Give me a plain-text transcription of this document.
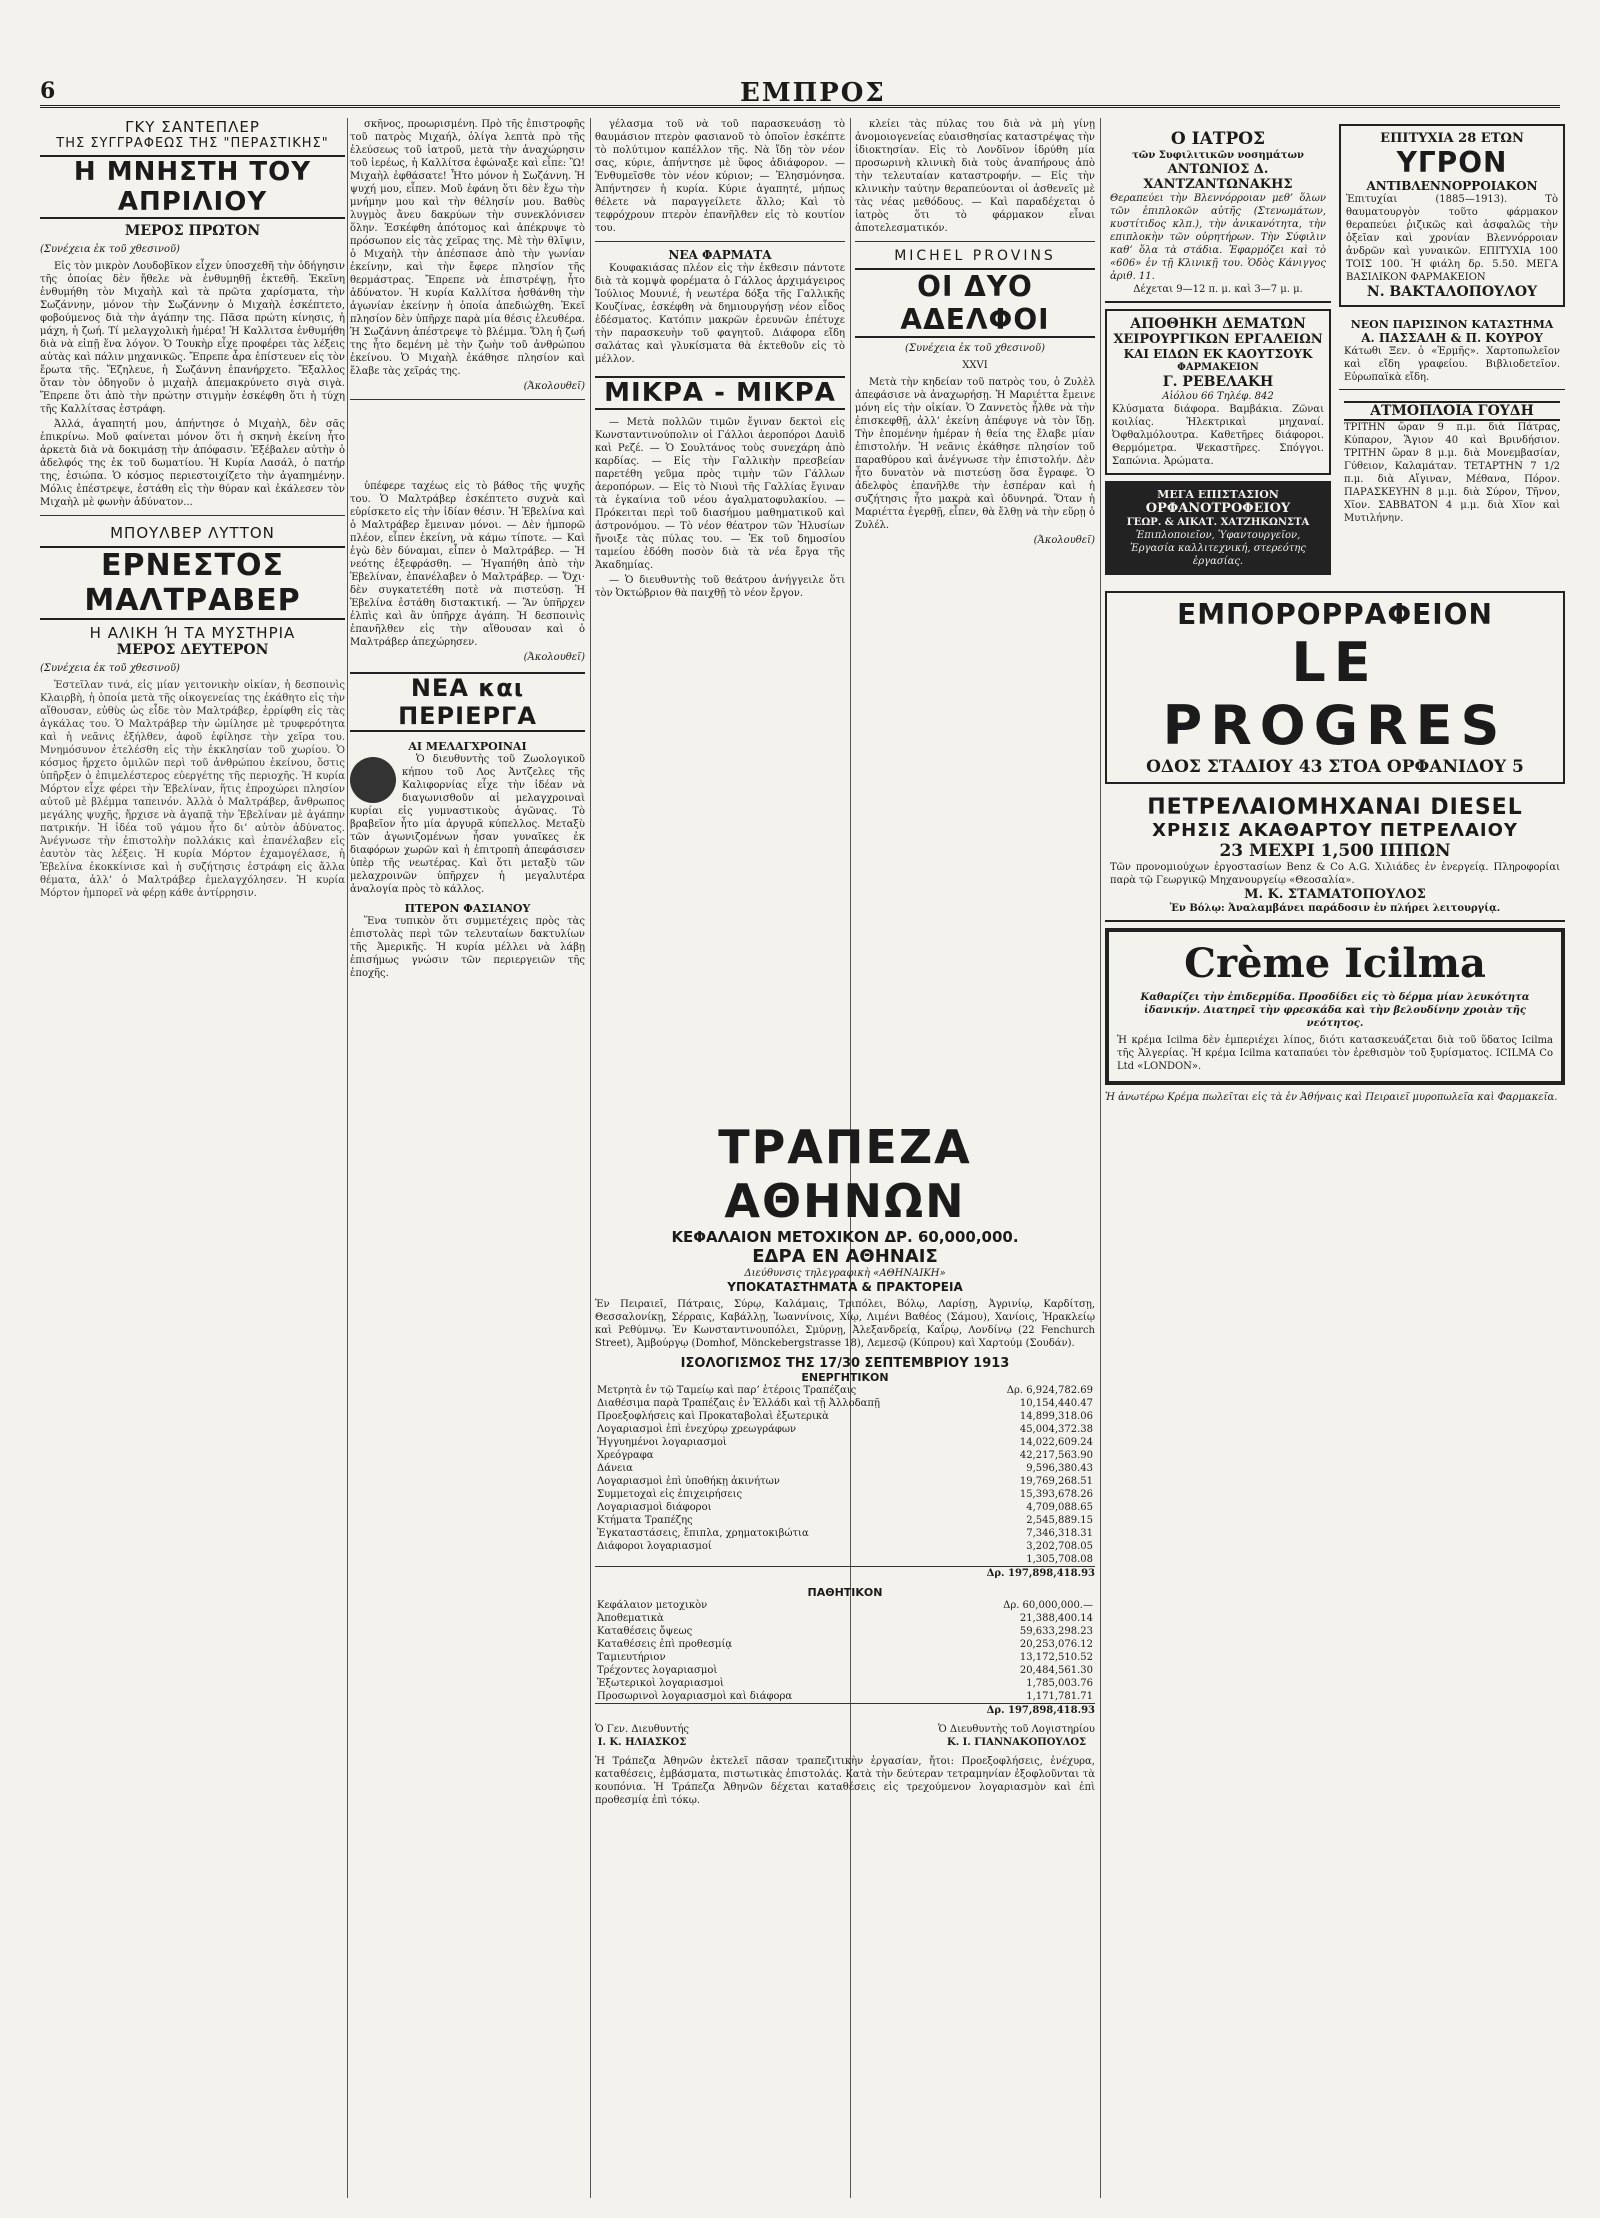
6	ΕΜΠΡΟΣ
ΓΚΥ ΣΑΝΤΕΠΛΕΡ
ΤΗΣ ΣΥΓΓΡΑΦΕΩΣ ΤΗΣ "ΠΕΡΑΣΤΙΚΗΣ"
Η ΜΝΗΣΤΗ ΤΟΥ ΑΠΡΙΛΙΟΥ
ΜΕΡΟΣ ΠΡΩΤΟΝ
(Συνέχεια ἐκ τοῦ χθεσινοῦ)
Εἰς τὸν μικρὸν Λουδοβῖκον εἶχεν ὑποσχεθῆ τὴν ὁδήγησιν τῆς ὁποίας δὲν ἤθελε νὰ ἐνθυμηθῇ ἐκτεθῆ. Ἐκεῖνη ἐνθυμήθη τὸν Μιχαὴλ καὶ τὰ πρῶτα χαρίσματα, τὴν Σωζάννην, μόνον τὴν Σωζάννην ὁ Μιχαὴλ ἐσκέπτετο, φοβούμενος διὰ τὴν ἀγάπην της. Πᾶσα πρώτη κίνησις, ἡ μάχη, ἡ ζωή. Τί μελαγχολικὴ ἡμέρα! Ἡ Καλλιτσα ἐνθυμήθη διὰ νὰ εἰπῇ ἕνα λόγον. Ὁ Τουκὴρ εἶχε προφέρει τὰς λέξεις αὐτὰς καὶ πάλιν μηχανικῶς. Ἔπρεπε ἆρα ἐπίστευεν εἰς τὸν ἔρωτα τῆς. Ἔζηλευε, ἡ Σωζάννη ἐπανήρχετο. Ἔξαλλος ὅταν τὸν ὁδηγοῦν ὁ μιχαὴλ ἀπεμακρύνετο σιγὰ σιγὰ. Ἔπρεπε ὅτι ἀπὸ τὴν πρώτην στιγμὴν ἐσκέφθη ὅτι ἡ τύχη τῆς Καλλίτσας ἐστράφη.
Ἀλλά, ἀγαπητή μου, ἀπήντησε ὁ Μιχαὴλ, δὲν σᾶς ἐπικρίνω. Μοῦ φαίνεται μόνον ὅτι ἡ σκηνὴ ἐκείνη ἦτο ἀρκετὰ διὰ νὰ δοκιμάσῃ τὴν ἀπόφασιν. Ἐξέβαλεν αὐτὴν ὁ ἀδελφός της ἐκ τοῦ δωματίου. Ἡ Κυρία Λασάλ, ὁ πατήρ της, ἐσιώπα. Ὁ κόσμος περιεστοιχίζετο τὴν ἀγαπημένην. Μόλις ἐπέστρεψε, ἐστάθη εἰς τὴν θύραν καὶ ἐκάλεσεν τὸν Μιχαὴλ μὲ φωνὴν ἀδύνατον...
ΜΠΟΥΛΒΕΡ ΛΥΤΤΟΝ
ΕΡΝΕΣΤΟΣ ΜΑΛΤΡΑΒΕΡ
Η ΑΛΙΚΗ Ή ΤΑ ΜΥΣΤΗΡΙΑ
ΜΕΡΟΣ ΔΕΥΤΕΡΟΝ
(Συνέχεια ἐκ τοῦ χθεσινοῦ)
Ἐστεῖλαν τινά, εἰς μίαν γειτονικὴν οἰκίαν, ἡ δεσποινὶς Κλαιρβὴ, ἡ ὁποία μετὰ τῆς οἰκογενείας της ἐκάθητο εἰς τὴν αἴθουσαν, εὐθὺς ὡς εἶδε τὸν Μαλτράβερ, ἐρρίφθη εἰς τὰς ἀγκάλας του. Ὁ Μαλτράβερ τὴν ὡμίλησε μὲ τρυφερότητα καὶ ἡ νεᾶνις ἐξήλθεν, ἀφοῦ ἐφίλησε τὴν χεῖρα του. Μνημόσυνον ἐτελέσθη εἰς τὴν ἐκκλησίαν τοῦ χωρίου. Ὁ κόσμος ἤρχετο ὁμιλῶν περὶ τοῦ ἀνθρώπου ἐκείνου, ὅστις ὑπῆρξεν ὁ ἐπιμελέστερος εὐεργέτης τῆς περιοχῆς. Ἡ κυρία Μόρτον εἶχε φέρει τὴν Ἐβελίναν, ἥτις ἐπροχώρει πλησίον αὐτοῦ μὲ βλέμμα ταπεινόν. Ἀλλὰ ὁ Μαλτράβερ, ἄνθρωπος μεγάλης ψυχῆς, ἤρχισε νὰ ἀγαπᾷ τὴν Ἐβελίναν μὲ ἀγάπην πατρικήν. Ἡ ἰδέα τοῦ γάμου ἦτο δι’ αὐτὸν ἀδύνατος. Ἀνέγνωσε τὴν ἐπιστολὴν πολλάκις καὶ ἐπανέλαβεν εἰς ἑαυτὸν τὰς λέξεις. Ἡ κυρία Μόρτον ἐχαμογέλασε, ἡ Ἐβελίνα ἐκοκκίνισε καὶ ἡ συζήτησις ἐστράφη εἰς ἄλλα θέματα, ἀλλ’ ὁ Μαλτράβερ ἐμελαγχόλησεν. Ἡ κυρία Μόρτον ἠμπορεῖ νὰ φέρῃ κάθε ἀντίρρησιν.
σκῆνος, προωρισμένη. Πρὸ τῆς ἐπιστροφῆς τοῦ πατρὸς Μιχαήλ, ὀλίγα λεπτὰ πρὸ τῆς ἐλεύσεως τοῦ ἰατροῦ, μετὰ τὴν ἀναχώρησιν τοῦ ἱερέως, ἡ Καλλίτσα ἐφώναξε καὶ εἶπε: Ὢ! Μιχαὴλ ἐφθάσατε! Ἦτο μόνον ἡ Σωζάννη. Ἡ ψυχή μου, εἶπεν. Μοῦ ἐφάνη ὅτι δὲν ἔχω τὴν μνήμην μου καὶ τὴν θέλησίν μου. Βαθὺς λυγμὸς ἄνευ δακρύων τὴν συνεκλόνισεν ὅλην. Ἐσκέφθη ἀπότομος καὶ ἀπέκρυψε τὸ πρόσωπον εἰς τὰς χεῖρας της. Μὲ τὴν θλῖψιν, ὁ Μιχαὴλ τὴν ἀπέσπασε ἀπὸ τὴν γωνίαν ἐκείνην, καὶ τὴν ἔφερε πλησίον τῆς θερμάστρας. Ἔπρεπε νὰ ἐπιστρέψῃ, ἦτο ἀδύνατον. Ἡ κυρία Καλλίτσα ἠσθάνθη τὴν ἀγωνίαν ἐκείνην ἡ ὁποία ἀπεδιώχθη. Ἐκεῖ πλησίον δὲν ὑπῆρχε παρὰ μία θέσις ἐλευθέρα. Ἡ Σωζάννη ἀπέστρεψε τὸ βλέμμα. Ὅλη ἡ ζωή της ἦτο δεμένη μὲ τὴν ζωὴν τοῦ ἀνθρώπου ἐκείνου. Ὁ Μιχαὴλ ἐκάθησε πλησίον καὶ ἔλαβε τὰς χεῖράς της.
(Ἀκολουθεῖ)
ὑπέφερε ταχέως εἰς τὸ βάθος τῆς ψυχῆς του. Ὁ Μαλτράβερ ἐσκέπτετο συχνὰ καὶ εὑρίσκετο εἰς τὴν ἰδίαν θέσιν. Ἡ Ἐβελίνα καὶ ὁ Μαλτράβερ ἔμειναν μόνοι. — Δὲν ἠμπορῶ πλέον, εἶπεν ἐκείνη, νὰ κάμω τίποτε. — Καὶ ἐγὼ δὲν δύναμαι, εἶπεν ὁ Μαλτράβερ. — Ἡ νεότης ἐξεφράσθη. — Ἠγαπήθη ἀπὸ τὴν Ἐβελίναν, ἐπανέλαβεν ὁ Μαλτράβερ. — Ὄχι· δὲν συγκατετέθη ποτὲ νὰ πιστεύσῃ. Ἡ Ἐβελίνα ἐστάθη διστακτική. — Ἂν ὑπῆρχεν ἐλπὶς καὶ ἂν ὑπῆρχε ἀγάπη. Ἡ δεσποινὶς ἐπανῆλθεν εἰς τὴν αἴθουσαν καὶ ὁ Μαλτράβερ ἀπεχώρησεν.
(Ἀκολουθεῖ)
ΝΕΑ και ΠΕΡΙΕΡΓΑ
ΑΙ ΜΕΛΑΓΧΡΟΙΝΑΙ
Ὁ διευθυντὴς τοῦ Ζωολογικοῦ κήπου τοῦ Λος Ἀντζελες τῆς Καλιφορνίας εἶχε τὴν ἰδέαν νὰ διαγωνισθοῦν αἱ μελαγχροιναὶ κυρίαι εἰς γυμναστικοὺς ἀγῶνας. Τὸ βραβεῖον ἦτο μία ἀργυρᾶ κύπελλος. Μεταξὺ τῶν ἀγωνιζομένων ἦσαν γυναῖκες ἐκ διαφόρων χωρῶν καὶ ἡ ἐπιτροπὴ ἀπεφάσισεν ὑπὲρ τῆς νεωτέρας. Καὶ ὅτι μεταξὺ τῶν μελαχροινῶν ὑπῆρχεν ἡ μεγαλυτέρα ἀναλογία πρὸς τὸ κάλλος.
ΠΤΕΡΟΝ ΦΑΣΙΑΝΟΥ
Ἕνα τυπικὸν ὅτι συμμετέχεις πρὸς τὰς ἐπιστολὰς περὶ τῶν τελευταίων δακτυλίων τῆς Ἀμερικῆς. Ἡ κυρία μέλλει νὰ λάβῃ ἐπισήμως γνώσιν τῶν περιεργειῶν τῆς ἐποχῆς.
γέλασμα τοῦ νὰ τοῦ παρασκευάσῃ τὸ θαυμάσιον πτερὸν φασιανοῦ τὸ ὁποῖον ἐσκέπτε τὸ πολύτιμον καπέλλον τῆς. Νὰ ἴδῃ τὸν νέον σας, κύριε, ἀπήντησε μὲ ὕφος ἀδιάφορον. — Ἐνθυμεῖσθε τὸν νέον κύριον; — Ἐλησμόνησα. Ἀπήντησεν ἡ κυρία. Κύριε ἀγαπητέ, μήπως θέλετε νὰ παραγγείλετε ἄλλο; Καὶ τὸ τεφρόχρουν πτερὸν ἐπανῆλθεν εἰς τὸ κουτίον του.
ΝΕΑ ΦΑΡΜΑΤΑ
Κουφακιάσας πλέον εἰς τὴν ἐκθεσιν πάντοτε διὰ τὰ κομψὰ φορέματα ὁ Γάλλος ἀρχιμάγειρος Ἰούλιος Μουνιέ, ἡ νεωτέρα δόξα τῆς Γαλλικῆς Κουζίνας, ἐσκέφθη νὰ δημιουργήσῃ νέον εἶδος ἐδέσματος. Κατόπιν μακρῶν ἐρευνῶν ἐπέτυχε τὴν παρασκευὴν τοῦ φαγητοῦ. Διάφορα εἴδη σαλάτας καὶ γλυκίσματα θὰ ἐκτεθοῦν εἰς τὸ μέλλον.
ΜΙΚΡΑ - ΜΙΚΡΑ
— Μετὰ πολλῶν τιμῶν ἔγιναν δεκτοὶ εἰς Κωνσταντινούπολιν οἱ Γάλλοι ἀεροπόροι Δαυὶδ καὶ Ρεζέ. — Ὁ Σουλτάνος τοὺς συνεχάρη ἀπὸ καρδίας. — Εἰς τὴν Γαλλικὴν πρεσβείαν παρετέθη γεῦμα πρὸς τιμὴν τῶν Γάλλων ἀεροπόρων. — Εἰς τὸ Νιουὶ τῆς Γαλλίας ἔγιναν τὰ ἐγκαίνια τοῦ νέου ἀγαλματοφυλακίου. — Πρόκειται περὶ τοῦ διασήμου μαθηματικοῦ καὶ ἀστρονόμου. — Τὸ νέον θέατρον τῶν Ἠλυσίων ἤνοιξε τὰς πύλας του. — Ἐκ τοῦ δημοσίου ταμείου ἐδόθη ποσὸν διὰ τὰ νέα ἔργα τῆς Ἀκαδημίας.
— Ὁ διευθυντὴς τοῦ θεάτρου ἀνήγγειλε ὅτι τὸν Ὀκτώβριον θὰ παιχθῇ τὸ νέον ἔργον.
κλείει τὰς πύλας του διὰ νὰ μὴ γίνῃ ἀνομοιογενείας εὐαισθησίας καταστρέψας τὴν ἰδιοκτησίαν. Εἰς τὸ Λονδῖνον ἰδρύθη μία προσωρινὴ κλινικὴ διὰ τοὺς ἀναπήρους ἀπὸ τὴν τελευταίαν καταστροφήν. — Εἰς τὴν κλινικὴν ταύτην θεραπεύονται οἱ ἀσθενεῖς μὲ τὰς νέας μεθόδους. — Καὶ παραδέχεται ὁ ἰατρὸς ὅτι τὸ φάρμακον εἶναι ἀποτελεσματικόν.
MICHEL PROVINS
ΟΙ ΔΥΟ ΑΔΕΛΦΟΙ
(Συνέχεια ἐκ τοῦ χθεσινοῦ)
XXVI
Μετὰ τὴν κηδείαν τοῦ πατρὸς του, ὁ Ζυλὲλ ἀπεφάσισε νὰ ἀναχωρήσῃ. Ἡ Μαριέττα ἔμεινε μόνη εἰς τὴν οἰκίαν. Ὁ Ζαννετὸς ἦλθε νὰ τὴν ἐπισκεφθῇ, ἀλλ’ ἐκείνη ἀπέφυγε νὰ τὸν ἴδῃ. Τὴν ἑπομένην ἡμέραν ἡ θεία της ἔλαβε μίαν ἐπιστολήν. Ἡ νεᾶνις ἐκάθησε πλησίον τοῦ παραθύρου καὶ ἀνέγνωσε τὴν ἐπιστολήν. Δὲν ἦτο δυνατὸν νὰ πιστεύσῃ ὅσα ἔγραφε. Ὁ ἀδελφὸς ἐπανῆλθε τὴν ἑσπέραν καὶ ἡ συζήτησις ἦτο μακρὰ καὶ ὀδυνηρά. Ὅταν ἡ Μαριέττα ἐγερθῇ, εἶπεν, θὰ ἔλθῃ νὰ τὴν εὕρῃ ὁ Ζυλέλ.
(Ἀκολουθεῖ)
ΤΡΑΠΕΖΑ ΑΘΗΝΩΝ
ΚΕΦΑΛΑΙΟΝ ΜΕΤΟΧΙΚΟΝ ΔΡ. 60,000,000.
ΕΔΡΑ ΕΝ ΑΘΗΝΑΙΣ
Διεύθυνσις τηλεγραφικὴ «ΑΘΗΝΑΙΚΗ»
ΥΠΟΚΑΤΑΣΤΗΜΑΤΑ & ΠΡΑΚΤΟΡΕΙΑ
Ἐν Πειραιεῖ, Πάτραις, Σύρῳ, Καλάμαις, Τριπόλει, Βόλῳ, Λαρίσῃ, Ἀγρινίῳ, Καρδίτσῃ, Θεσσαλονίκῃ, Σέρραις, Καβάλλῃ, Ἰωαννίνοις, Χίῳ, Λιμένι Βαθέος (Σάμου), Χανίοις, Ἡρακλείῳ καὶ Ρεθύμνῳ. Ἐν Κωνσταντινουπόλει, Σμύρνῃ, Ἀλεξανδρείᾳ, Καΐρῳ, Λονδίνῳ (22 Fenchurch Street), Ἀμβούργῳ (Domhof, Mönckebergstrasse 18), Λεμεσῷ (Κύπρου) καὶ Χαρτούμ (Σουδάν).
ΙΣΟΛΟΓΙΣΜΟΣ ΤΗΣ 17/30 ΣΕΠΤΕΜΒΡΙΟΥ 1913
ΕΝΕΡΓΗΤΙΚΟΝ
Μετρητὰ ἐν τῷ Ταμείῳ καὶ παρ’ ἑτέροις Τραπέζαις	Δρ. 6,924,782.69
Διαθέσιμα παρὰ Τραπέζαις ἐν Ἑλλάδι καὶ τῇ Ἀλλοδαπῇ	10,154,440.47
Προεξοφλήσεις καὶ Προκαταβολαὶ ἐξωτερικὰ	14,899,318.06
Λογαριασμοὶ ἐπὶ ἐνεχύρῳ χρεωγράφων	45,004,372.38
Ἠγγυημένοι λογαριασμοὶ	14,022,609.24
Χρεόγραφα	42,217,563.90
Δάνεια	9,596,380.43
Λογαριασμοὶ ἐπὶ ὑποθήκῃ ἀκινήτων	19,769,268.51
Συμμετοχαὶ εἰς ἐπιχειρήσεις	15,393,678.26
Λογαριασμοὶ διάφοροι	4,709,088.65
Κτήματα Τραπέζης	2,545,889.15
Ἐγκαταστάσεις, ἔπιπλα, χρηματοκιβώτια	7,346,318.31
Διάφοροι λογαριασμοί	3,202,708.05
	1,305,708.08
Δρ. 197,898,418.93
ΠΑΘΗΤΙΚΟΝ
Κεφάλαιον μετοχικὸν	Δρ. 60,000,000.—
Ἀποθεματικὰ	21,388,400.14
Καταθέσεις ὄψεως	59,633,298.23
Καταθέσεις ἐπὶ προθεσμίᾳ	20,253,076.12
Ταμιευτήριον	13,172,510.52
Τρέχοντες λογαριασμοὶ	20,484,561.30
Ἐξωτερικοὶ λογαριασμοὶ	1,785,003.76
Προσωρινοὶ λογαριασμοὶ καὶ διάφορα	1,171,781.71
Δρ. 197,898,418.93
Ὁ Γεν. Διευθυντής
Ι. Κ. ΗΛΙΑΣΚΟΣ
Ὁ Διευθυντὴς τοῦ Λογιστηρίου
Κ. Ι. ΓΙΑΝΝΑΚΟΠΟΥΛΟΣ
Ἡ Τράπεζα Ἀθηνῶν ἐκτελεῖ πᾶσαν τραπεζιτικὴν ἐργασίαν, ἤτοι: Προεξοφλήσεις, ἐνέχυρα, καταθέσεις, ἐμβάσματα, πιστωτικὰς ἐπιστολάς. Κατὰ τὴν δεύτεραν τετραμηνίαν ἐξοφλοῦνται τὰ κουπόνια. Ἡ Τράπεζα Ἀθηνῶν δέχεται καταθέσεις εἰς τρεχούμενον λογαριασμὸν καὶ ἐπὶ προθεσμίᾳ ἐπὶ τόκῳ.
Ο ΙΑΤΡΟΣ
τῶν Συφιλιτικῶν νοσημάτων
ΑΝΤΩΝΙΟΣ Δ. ΧΑΝΤΖΑΝΤΩΝΑΚΗΣ
Θεραπεύει τὴν Βλεννόρροιαν μεθ’ ὅλων τῶν ἐπιπλοκῶν αὐτῆς (Στενωμάτων, κυστίτιδος κλπ.), τὴν ἀνικανότητα, τὴν επιπλοκὴν τῶν οὐρητήρων. Τὴν Σύφιλιν καθ’ ὅλα τὰ στάδια. Ἐφαρμόζει καὶ τὸ «606» ἐν τῇ Κλινικῇ του. Ὁδὸς Κάνιγγος ἀριθ. 11.
Δέχεται 9—12 π. μ. καὶ 3—7 μ. μ.
ΑΠΟΘΗΚΗ ΔΕΜΑΤΩΝ
ΧΕΙΡΟΥΡΓΙΚΩΝ ΕΡΓΑΛΕΙΩΝ
ΚΑΙ ΕΙΔΩΝ ΕΚ ΚΑΟΥΤΣΟΥΚ
ΦΑΡΜΑΚΕΙΟΝ
Γ. ΡΕΒΕΛΑΚΗ
Αἰόλου 66 Τηλέφ. 842
Κλύσματα διάφορα. Βαμβάκια. Ζῶναι κοιλίας. Ἡλεκτρικαὶ μηχαναί. Ὀφθαλμόλουτρα. Καθετῆρες διάφοροι. Θερμόμετρα. Ψεκαστῆρες. Σπόγγοι. Σαπώνια. Ἀρώματα.
ΜΕΓΑ ΕΠΙΣΤΑΣΙΟΝ
ΟΡΦΑΝΟΤΡΟΦΕΙΟΥ
ΓΕΩΡ. & ΑΙΚΑΤ. ΧΑΤΖΗΚΩΝΣΤΑ
Ἐπιπλοποιεῖον, Ὑφαντουργεῖον, Ἐργασία καλλιτεχνική, στερεότης ἐργασίας.
ΕΠΙΤΥΧΙΑ 28 ΕΤΩΝ
ΥΓΡΟΝ
ΑΝΤΙΒΛΕΝΝΟΡΡΟΙΑΚΟΝ
Ἐπιτυχίαι (1885—1913). Τὸ θαυματουργὸν τοῦτο φάρμακον θεραπεύει ῥιζικῶς καὶ ἀσφαλῶς τὴν ὀξεῖαν καὶ χρονίαν Βλεννόρροιαν ἀνδρῶν καὶ γυναικῶν. ΕΠΙΤΥΧΙΑ 100 ΤΟΙΣ 100. Ἡ φιάλη δρ. 5.50. ΜΕΓΑ ΒΑΣΙΛΙΚΟΝ ΦΑΡΜΑΚΕΙΟΝ
Ν. ΒΑΚΤΑΛΟΠΟΥΛΟΥ
ΝΕΟΝ ΠΑΡΙΣΙΝΟΝ ΚΑΤΑΣΤΗΜΑ
Α. ΠΑΣΣΑΛΗ & Π. ΚΟΥΡΟΥ
Κάτωθι Ξεν. ὁ «Ἑρμῆς». Χαρτοπωλεῖον καὶ εἴδη γραφείου. Βιβλιοδετεῖον. Εὐρωπαϊκὰ εἴδη.
ΑΤΜΟΠΛΟΙΑ ΓΟΥΔΗ
ΤΡΙΤΗΝ ὥραν 9 π.μ. διὰ Πάτρας, Κύπαρον, Ἅγιον 40 καὶ Βρινδήσιον. ΤΡΙΤΗΝ ὥραν 8 μ.μ. διὰ Μονεμβασίαν, Γύθειον, Καλαμάταν. ΤΕΤΑΡΤΗΝ 7 1/2 π.μ. διὰ Αἴγιναν, Μέθανα, Πόρον. ΠΑΡΑΣΚΕΥΗΝ 8 μ.μ. διὰ Σύρον, Τῆνον, Χῖον. ΣΑΒΒΑΤΟΝ 4 μ.μ. διὰ Χῖον καὶ Μυτιλήνην.
ΕΜΠΟΡΟΡΡΑΦΕΙΟΝ
LE PROGRES
ΟΔΟΣ ΣΤΑΔΙΟΥ 43 ΣΤΟΑ ΟΡΦΑΝΙΔΟΥ 5
ΠΕΤΡΕΛΑΙΟΜΗΧΑΝΑΙ DIESEL
ΧΡΗΣΙΣ ΑΚΑΘΑΡΤΟΥ ΠΕΤΡΕΛΑΙΟΥ
23 ΜΕΧΡΙ 1,500 ΙΠΠΩΝ
Τῶν προνομιούχων ἐργοστασίων Benz & Co A.G. Χιλιάδες ἐν ἐνεργείᾳ. Πληροφορίαι παρὰ τῷ Γεωργικῷ Μηχανουργείῳ «Θεοσαλία».
Μ. Κ. ΣΤΑΜΑΤΟΠΟΥΛΟΣ
Ἐν Βόλῳ: Ἀναλαμβάνει παράδοσιν ἐν πλήρει λειτουργίᾳ.
Crème Icilma
Καθαρίζει τὴν ἐπιδερμίδα. Προσδίδει εἰς τὸ δέρμα μίαν λευκότητα ἰδανικήν. Διατηρεῖ τὴν φρεσκάδα καὶ τὴν βελουδίνην χροιὰν τῆς νεότητος.
Ἡ κρέμα Icilma δὲν ἐμπεριέχει λίπος, διότι κατασκευάζεται διὰ τοῦ ὕδατος Icilma τῆς Ἀλγερίας. Ἡ κρέμα Icilma καταπαύει τὸν ἐρεθισμὸν τοῦ ξυρίσματος. ICILMA Co Ltd «LONDON».
Ἡ ἀνωτέρω Κρέμα πωλεῖται εἰς τὰ ἐν Ἀθήναις καὶ Πειραιεῖ μυροπωλεῖα καὶ Φαρμακεῖα.
